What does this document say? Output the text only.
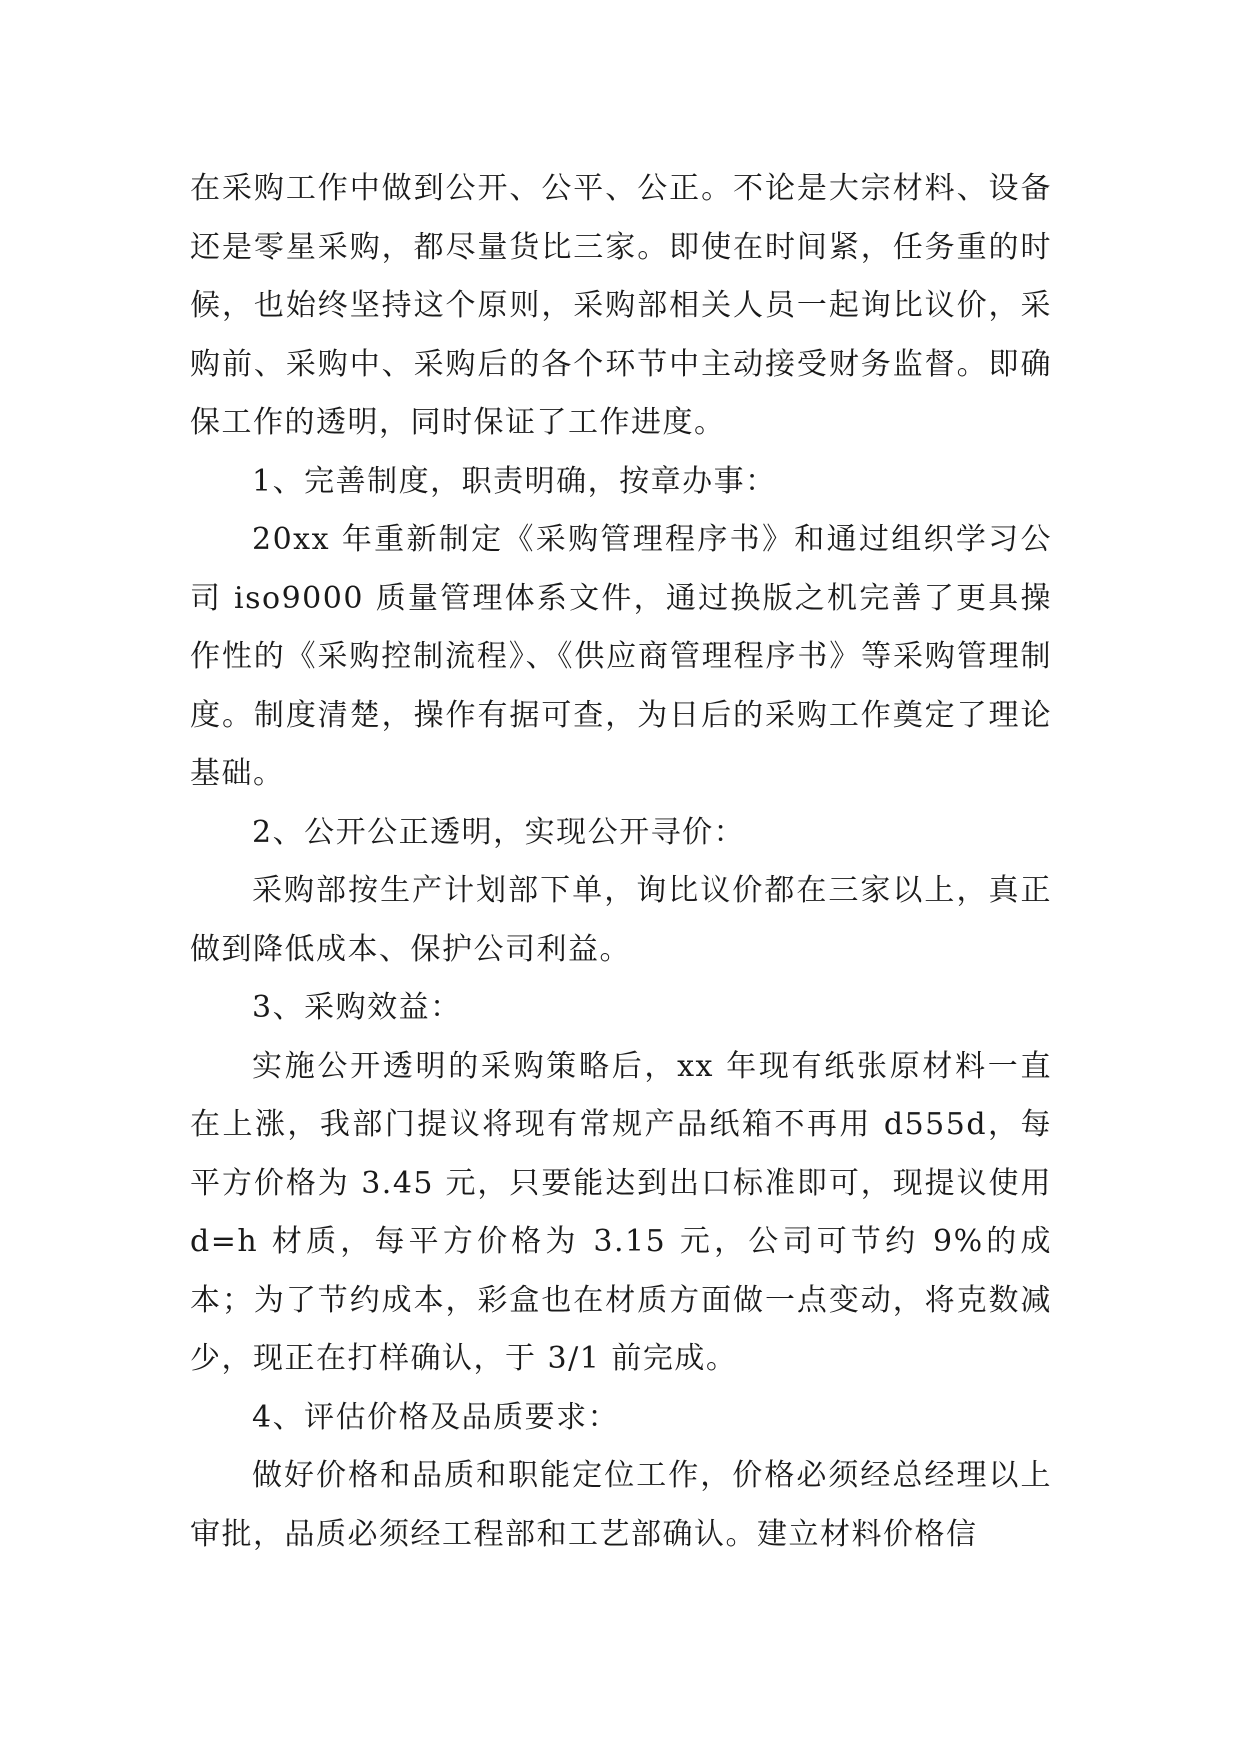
在采购工作中做到公开、公平、公正。不论是大宗材料、设备还是零星采购，都尽量货比三家。即使在时间紧，任务重的时候，也始终坚持这个原则，采购部相关人员一起询比议价，采购前、采购中、采购后的各个环节中主动接受财务监督。即确保工作的透明，同时保证了工作进度。

1、完善制度，职责明确，按章办事：

20xx 年重新制定《采购管理程序书》和通过组织学习公司 iso9000 质量管理体系文件，通过换版之机完善了更具操作性的《采购控制流程》、《供应商管理程序书》等采购管理制度。制度清楚，操作有据可查，为日后的采购工作奠定了理论基础。

2、公开公正透明，实现公开寻价：

采购部按生产计划部下单，询比议价都在三家以上，真正做到降低成本、保护公司利益。

3、采购效益：

实施公开透明的采购策略后，xx 年现有纸张原材料一直在上涨，我部门提议将现有常规产品纸箱不再用 d555d，每平方价格为 3.45 元，只要能达到出口标准即可，现提议使用 d=h 材质，每平方价格为 3.15 元，公司可节约 9%的成本；为了节约成本，彩盒也在材质方面做一点变动，将克数减少，现正在打样确认，于 3/1 前完成。

4、评估价格及品质要求：

做好价格和品质和职能定位工作，价格必须经总经理以上审批，品质必须经工程部和工艺部确认。建立材料价格信
